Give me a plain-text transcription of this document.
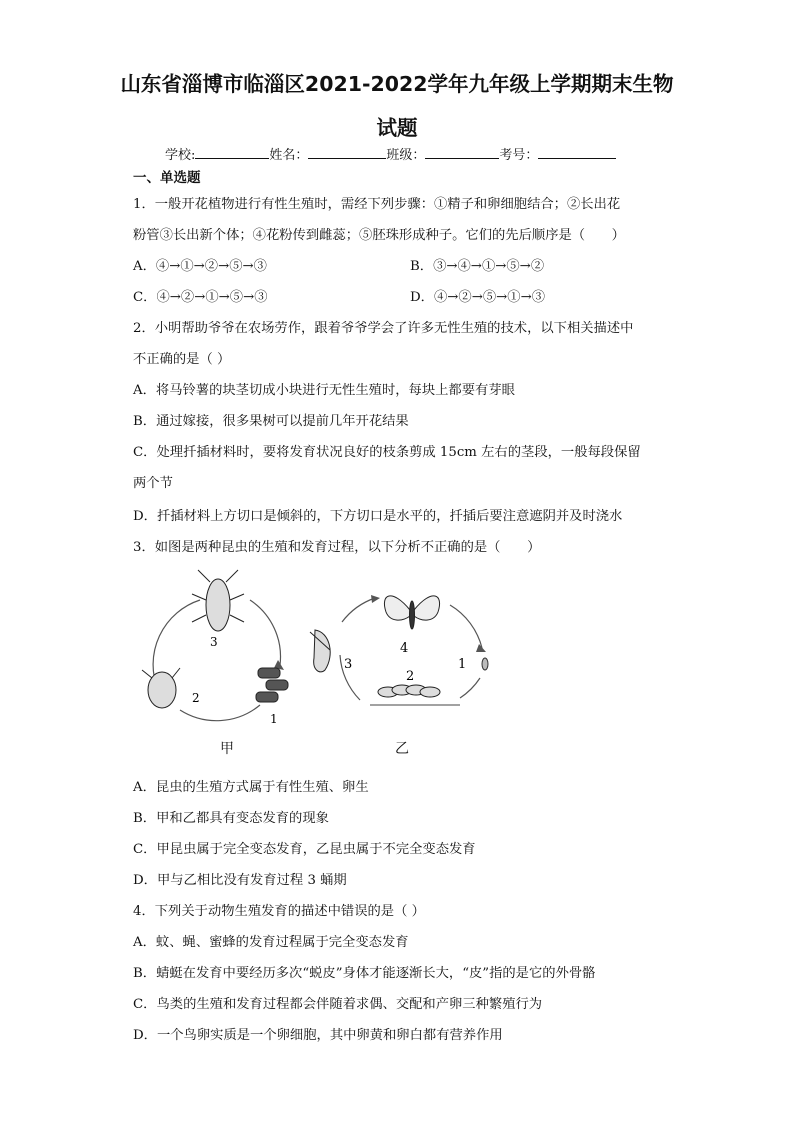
山东省淄博市临淄区2021-2022学年九年级上学期期末生物
试题
学校:	姓名：	班级：	考号：
一、单选题
1．一般开花植物进行有性生殖时，需经下列步骤：①精子和卵细胞结合；②长出花
粉管③长出新个体；④花粉传到雌蕊；⑤胚珠形成种子。它们的先后顺序是（　　）
A．④→①→②→⑤→③	B．③→④→①→⑤→②
C．④→②→①→⑤→③	D．④→②→⑤→①→③
2．小明帮助爷爷在农场劳作，跟着爷爷学会了许多无性生殖的技术，以下相关描述中
不正确的是（ ）
A．将马铃薯的块茎切成小块进行无性生殖时，每块上都要有芽眼
B．通过嫁接，很多果树可以提前几年开花结果
C．处理扦插材料时，要将发育状况良好的枝条剪成 15cm 左右的茎段，一般每段保留
两个节
D．扦插材料上方切口是倾斜的，下方切口是水平的，扦插后要注意遮阴并及时浇水
3．如图是两种昆虫的生殖和发育过程，以下分析不正确的是（　　）
3
2
1
3
4
1
2
甲	乙
A．昆虫的生殖方式属于有性生殖、卵生
B．甲和乙都具有变态发育的现象
C．甲昆虫属于完全变态发育，乙昆虫属于不完全变态发育
D．甲与乙相比没有发育过程 3 蛹期
4．下列关于动物生殖发育的描述中错误的是（ ）
A．蚊、蝇、蜜蜂的发育过程属于完全变态发育
B．蜻蜓在发育中要经历多次“蜕皮”身体才能逐渐长大，“皮”指的是它的外骨骼
C．鸟类的生殖和发育过程都会伴随着求偶、交配和产卵三种繁殖行为
D．一个鸟卵实质是一个卵细胞，其中卵黄和卵白都有营养作用
